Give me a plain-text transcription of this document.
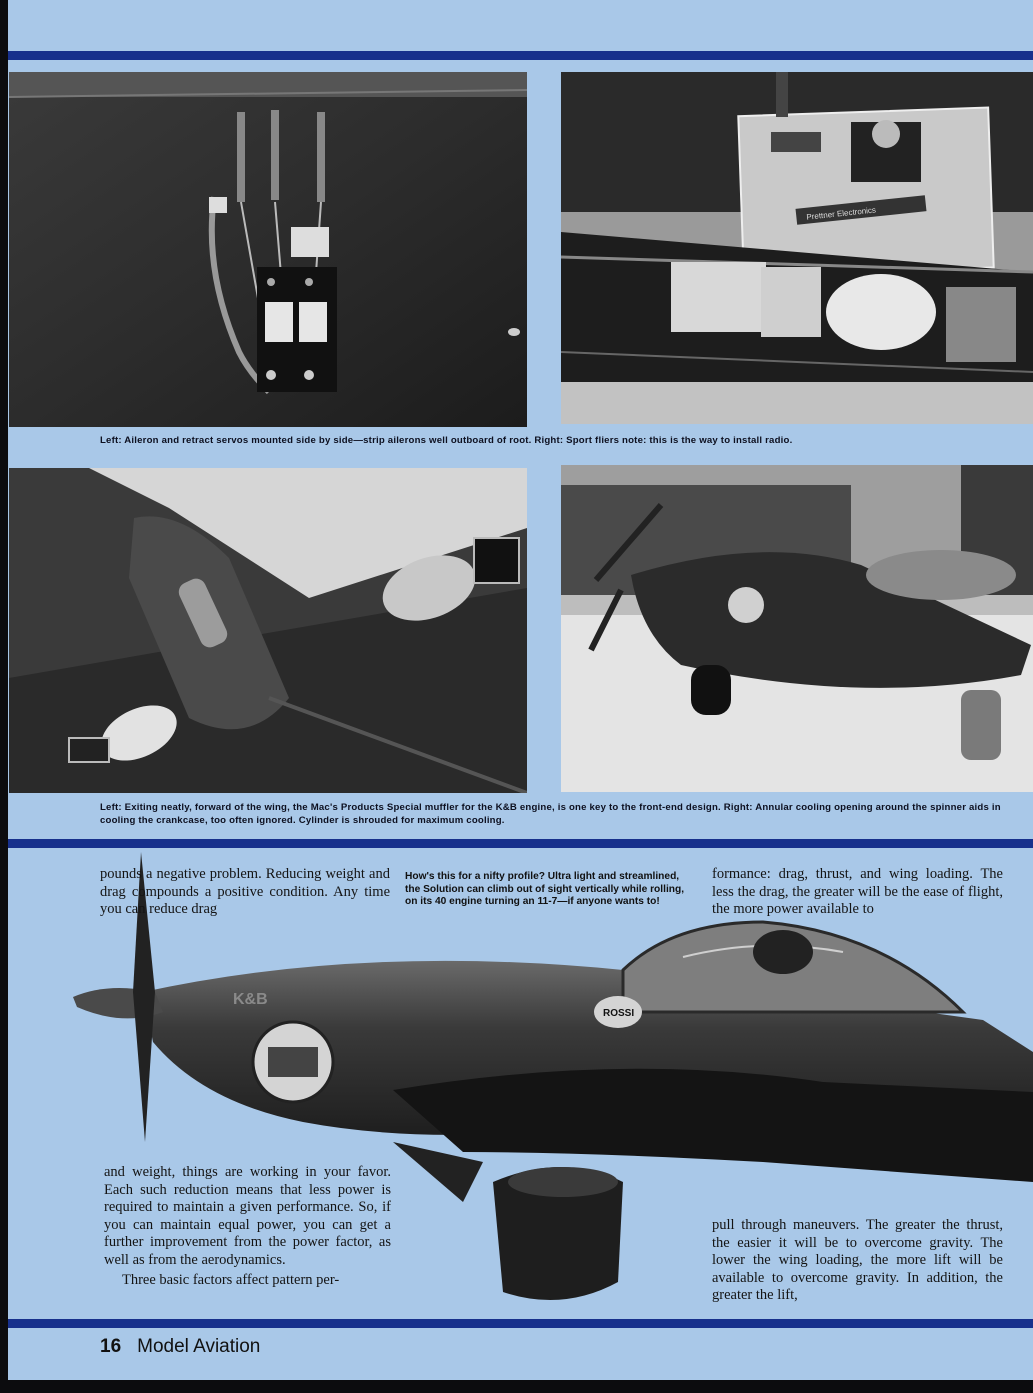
Prettner Electronics
Left: Aileron and retract servos mounted side by side—strip ailerons well outboard of root. Right: Sport fliers note: this is the way to install radio.
Left: Exiting neatly, forward of the wing, the Mac's Products Special muffler for the K&B engine, is one key to the front-end design. Right: Annular cooling opening around the spinner aids in cooling the crankcase, too often ignored. Cylinder is shrouded for maximum cooling.
ROSSI
K&B

pounds a negative problem. Reducing weight and drag compounds a positive condition. Any time you can reduce drag

How's this for a nifty profile? Ultra light and streamlined, the Solution can climb out of sight vertically while rolling, on its 40 engine turning an 11-7—if anyone wants to!

formance: drag, thrust, and wing loading. The less the drag, the greater will be the ease of flight, the more power available to

and weight, things are working in your favor. Each such reduction means that less power is required to maintain a given performance. So, if you can maintain equal power, you can get a further improvement from the power factor, as well as from the aerodynamics.

Three basic factors affect pattern per-

pull through maneuvers. The greater the thrust, the easier it will be to overcome gravity. The lower the wing loading, the more lift will be available to overcome gravity. In addition, the greater the lift,

16 Model Aviation
